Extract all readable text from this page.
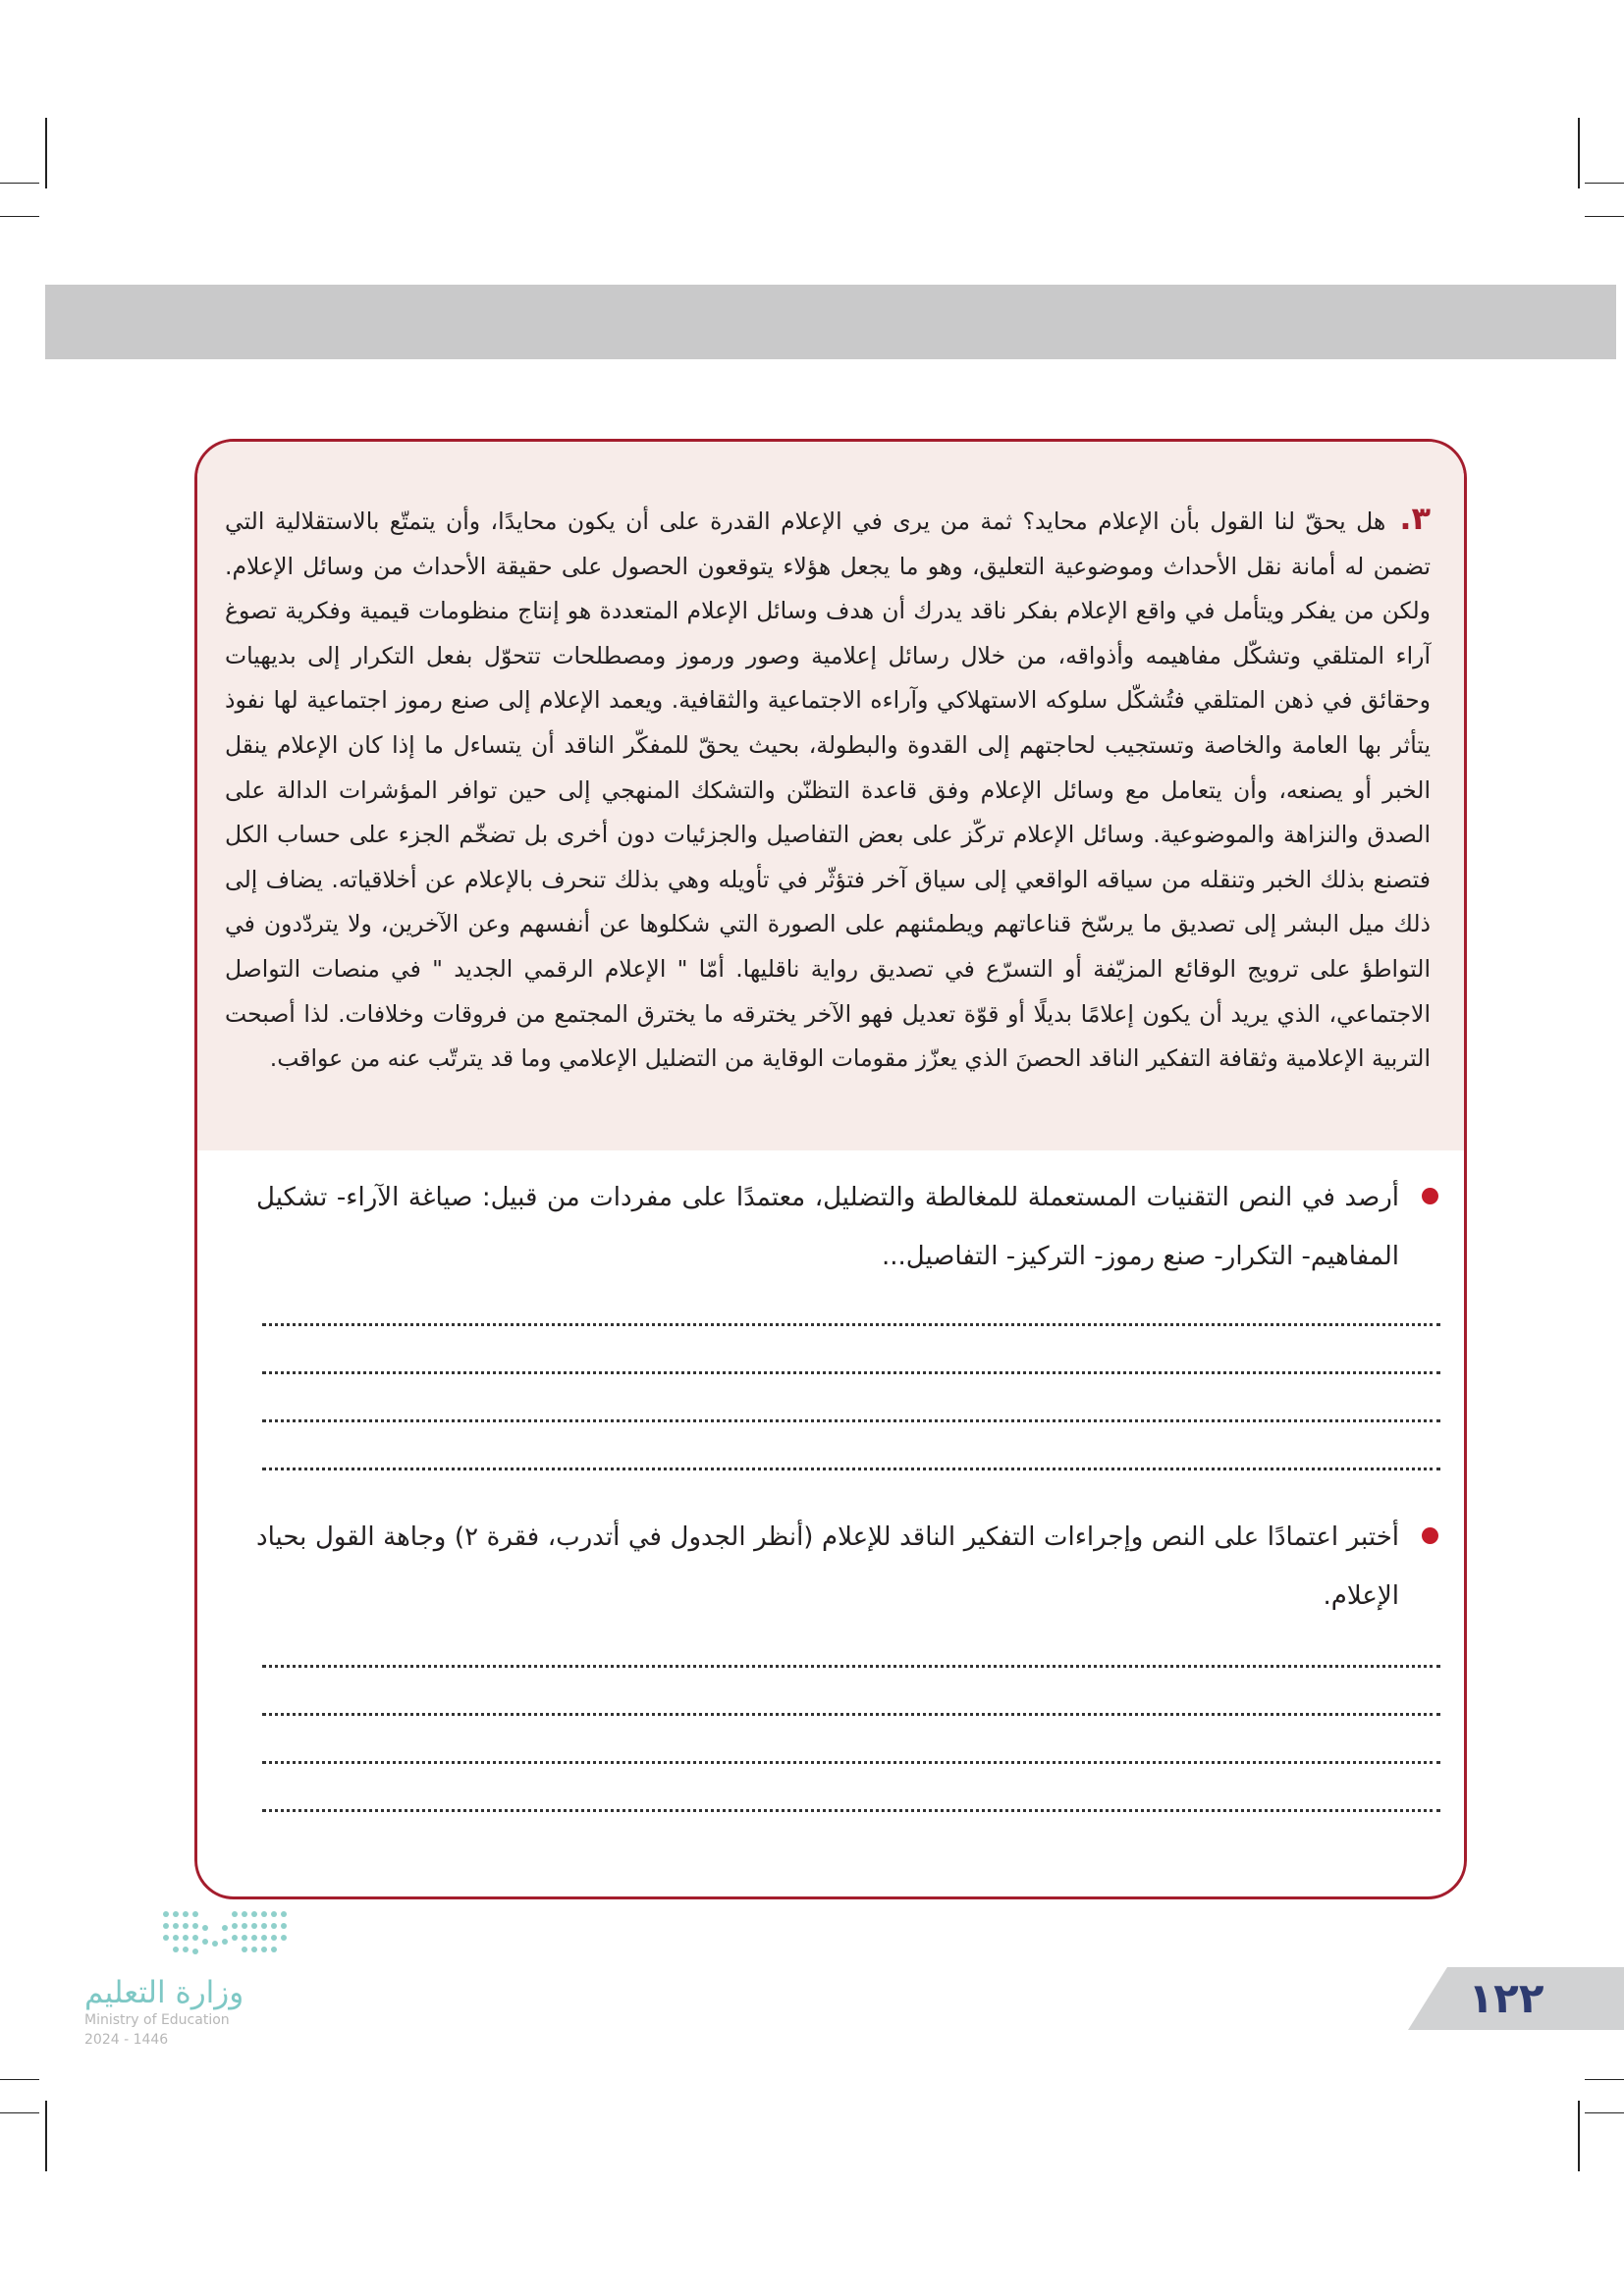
٣.هل يحقّ لنا القول بأن الإعلام محايد؟ ثمة من يرى في الإعلام القدرة على أن يكون محايدًا، وأن يتمتّع بالاستقلالية التي تضمن له أمانة نقل الأحداث وموضوعية التعليق، وهو ما يجعل هؤلاء يتوقعون الحصول على حقيقة الأحداث من وسائل الإعلام. ولكن من يفكر ويتأمل في واقع الإعلام بفكر ناقد يدرك أن هدف وسائل الإعلام المتعددة هو إنتاج منظومات قيمية وفكرية تصوغ آراء المتلقي وتشكّل مفاهيمه وأذواقه، من خلال رسائل إعلامية وصور ورموز ومصطلحات تتحوّل بفعل التكرار إلى بديهيات وحقائق في ذهن المتلقي فتُشكّل سلوكه الاستهلاكي وآراءه الاجتماعية والثقافية. ويعمد الإعلام إلى صنع رموز اجتماعية لها نفوذ يتأثر بها العامة والخاصة وتستجيب لحاجتهم إلى القدوة والبطولة، بحيث يحقّ للمفكّر الناقد أن يتساءل ما إذا كان الإعلام ينقل الخبر أو يصنعه، وأن يتعامل مع وسائل الإعلام وفق قاعدة التظنّن والتشكك المنهجي إلى حين توافر المؤشرات الدالة على الصدق والنزاهة والموضوعية. وسائل الإعلام تركّز على بعض التفاصيل والجزئيات دون أخرى بل تضخّم الجزء على حساب الكل فتصنع بذلك الخبر وتنقله من سياقه الواقعي إلى سياق آخر فتؤثّر في تأويله وهي بذلك تنحرف بالإعلام عن أخلاقياته. يضاف إلى ذلك ميل البشر إلى تصديق ما يرسّخ قناعاتهم ويطمئنهم على الصورة التي شكلوها عن أنفسهم وعن الآخرين، ولا يتردّدون في التواطؤ على ترويج الوقائع المزيّفة أو التسرّع في تصديق رواية ناقليها. أمّا " الإعلام الرقمي الجديد " في منصات التواصل الاجتماعي، الذي يريد أن يكون إعلامًا بديلًا أو قوّة تعديل فهو الآخر يخترقه ما يخترق المجتمع من فروقات وخلافات. لذا أصبحت التربية الإعلامية وثقافة التفكير الناقد الحصنَ الذي يعزّز مقومات الوقاية من التضليل الإعلامي وما قد يترتّب عنه من عواقب.

أرصد في النص التقنيات المستعملة للمغالطة والتضليل، معتمدًا على مفردات من قبيل: صياغة الآراء- تشكيل المفاهيم- التكرار- صنع رموز- التركيز- التفاصيل...

أختبر اعتمادًا على النص وإجراءات التفكير الناقد للإعلام (أنظر الجدول في أتدرب، فقرة ٢) وجاهة القول بحياد الإعلام.

وزارة التعليم
Ministry of Education
2024 - 1446
١٢٢
